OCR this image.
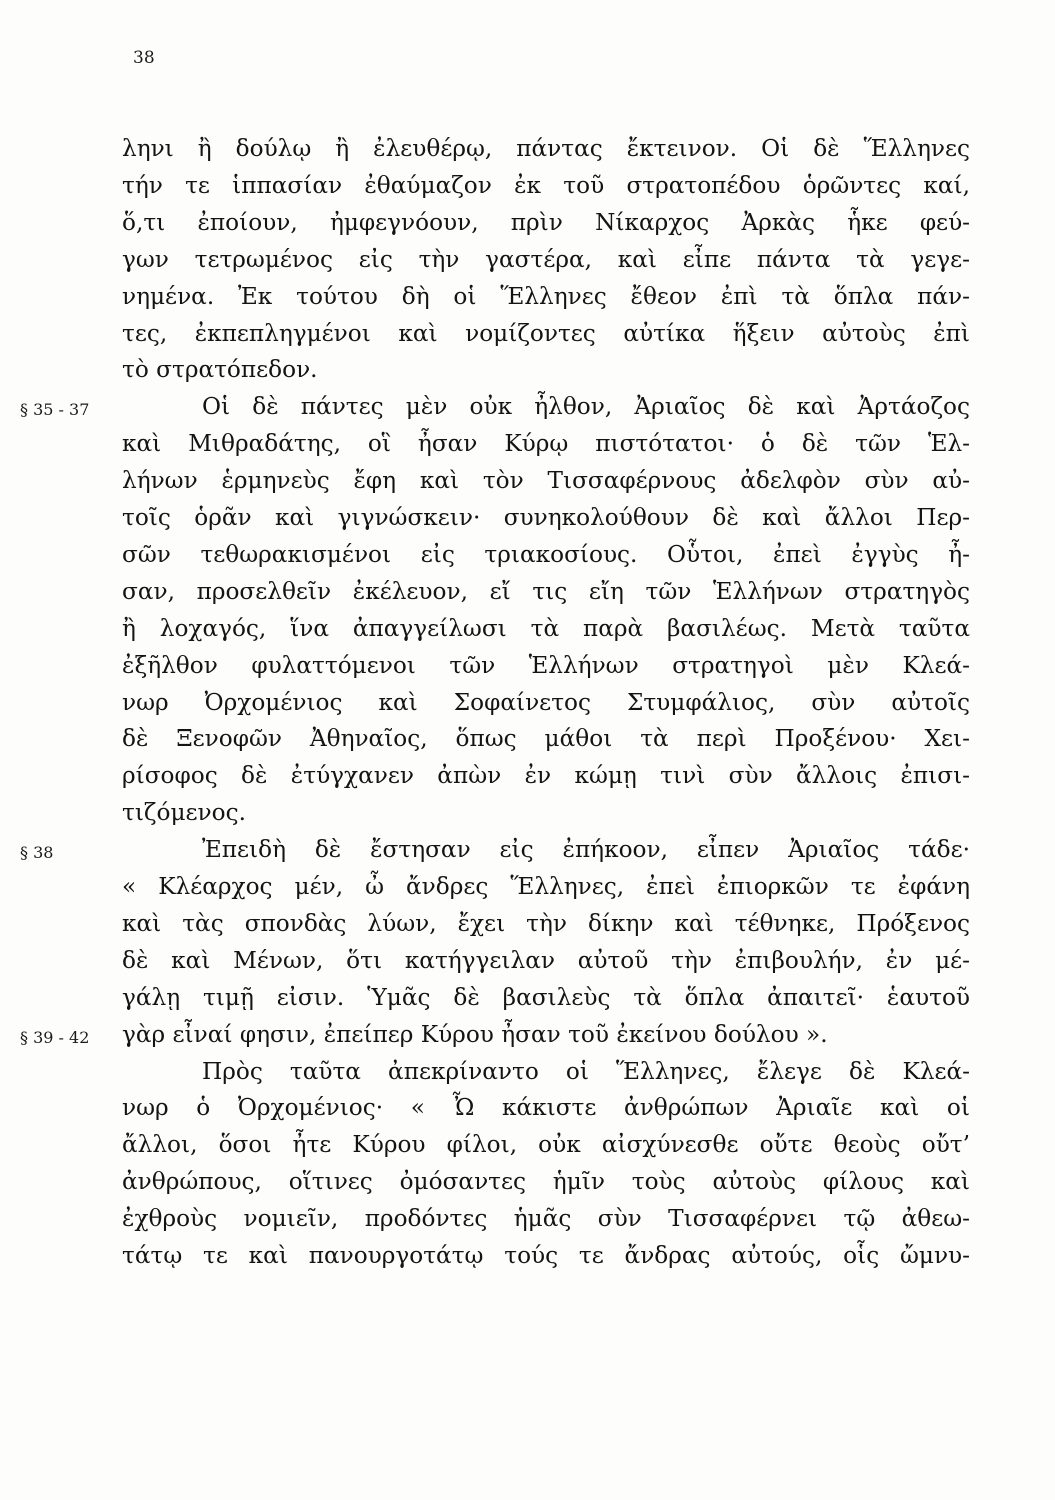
38
ληνι ἢ δούλῳ ἢ ἐλευθέρῳ, πάντας ἔκτεινον. Οἱ δὲ Ἕλληνες
τήν τε ἱππασίαν ἐθαύμαζον ἐκ τοῦ στρατοπέδου ὁρῶντες καί,
ὅ,τι ἐποίουν, ἠμφεγνόουν, πρὶν Νίκαρχος Ἀρκὰς ἧκε φεύ-
γων τετρωμένος εἰς τὴν γαστέρα, καὶ εἶπε πάντα τὰ γεγε-
νημένα. Ἐκ τούτου δὴ οἱ Ἕλληνες ἔθεον ἐπὶ τὰ ὅπλα πάν-
τες, ἐκπεπληγμένοι καὶ νομίζοντες αὐτίκα ἥξειν αὐτοὺς ἐπὶ
τὸ στρατόπεδον.
Οἱ δὲ πάντες μὲν οὐκ ἦλθον, Ἀριαῖος δὲ καὶ Ἀρτάοζος
καὶ Μιθραδάτης, οἳ ἦσαν Κύρῳ πιστότατοι· ὁ δὲ τῶν Ἑλ-
λήνων ἑρμηνεὺς ἔφη καὶ τὸν Τισσαφέρνους ἀδελφὸν σὺν αὐ-
τοῖς ὁρᾶν καὶ γιγνώσκειν· συνηκολούθουν δὲ καὶ ἄλλοι Περ-
σῶν τεθωρακισμένοι εἰς τριακοσίους. Οὗτοι, ἐπεὶ ἐγγὺς ἦ-
σαν, προσελθεῖν ἐκέλευον, εἴ τις εἴη τῶν Ἑλλήνων στρατηγὸς
ἢ λοχαγός, ἵνα ἀπαγγείλωσι τὰ παρὰ βασιλέως. Μετὰ ταῦτα
ἐξῆλθον φυλαττόμενοι τῶν Ἑλλήνων στρατηγοὶ μὲν Κλεά-
νωρ Ὀρχομένιος καὶ Σοφαίνετος Στυμφάλιος, σὺν αὐτοῖς
δὲ Ξενοφῶν Ἀθηναῖος, ὅπως μάθοι τὰ περὶ Προξένου· Χει-
ρίσοφος δὲ ἐτύγχανεν ἀπὼν ἐν κώμῃ τινὶ σὺν ἄλλοις ἐπισι-
τιζόμενος.
Ἐπειδὴ δὲ ἔστησαν εἰς ἐπήκοον, εἶπεν Ἀριαῖος τάδε·
« Κλέαρχος μέν, ὦ ἄνδρες Ἕλληνες, ἐπεὶ ἐπιορκῶν τε ἐφάνη
καὶ τὰς σπονδὰς λύων, ἔχει τὴν δίκην καὶ τέθνηκε, Πρόξενος
δὲ καὶ Μένων, ὅτι κατήγγειλαν αὐτοῦ τὴν ἐπιβουλήν, ἐν μέ-
γάλῃ τιμῇ εἰσιν. Ὑμᾶς δὲ βασιλεὺς τὰ ὅπλα ἀπαιτεῖ· ἑαυτοῦ
γὰρ εἶναί φησιν, ἐπείπερ Κύρου ἦσαν τοῦ ἐκείνου δούλου ».
Πρὸς ταῦτα ἀπεκρίναντο οἱ Ἕλληνες, ἔλεγε δὲ Κλεά-
νωρ ὁ Ὀρχομένιος· « Ὦ κάκιστε ἀνθρώπων Ἀριαῖε καὶ οἱ
ἄλλοι, ὅσοι ἦτε Κύρου φίλοι, οὐκ αἰσχύνεσθε οὔτε θεοὺς οὔτ’
ἀνθρώπους, οἵτινες ὀμόσαντες ἡμῖν τοὺς αὐτοὺς φίλους καὶ
ἐχθροὺς νομιεῖν, προδόντες ἡμᾶς σὺν Τισσαφέρνει τῷ ἀθεω-
τάτῳ τε καὶ πανουργοτάτῳ τούς τε ἄνδρας αὐτούς, οἷς ὤμνυ-
§ 35 - 37
§ 38
§ 39 - 42
